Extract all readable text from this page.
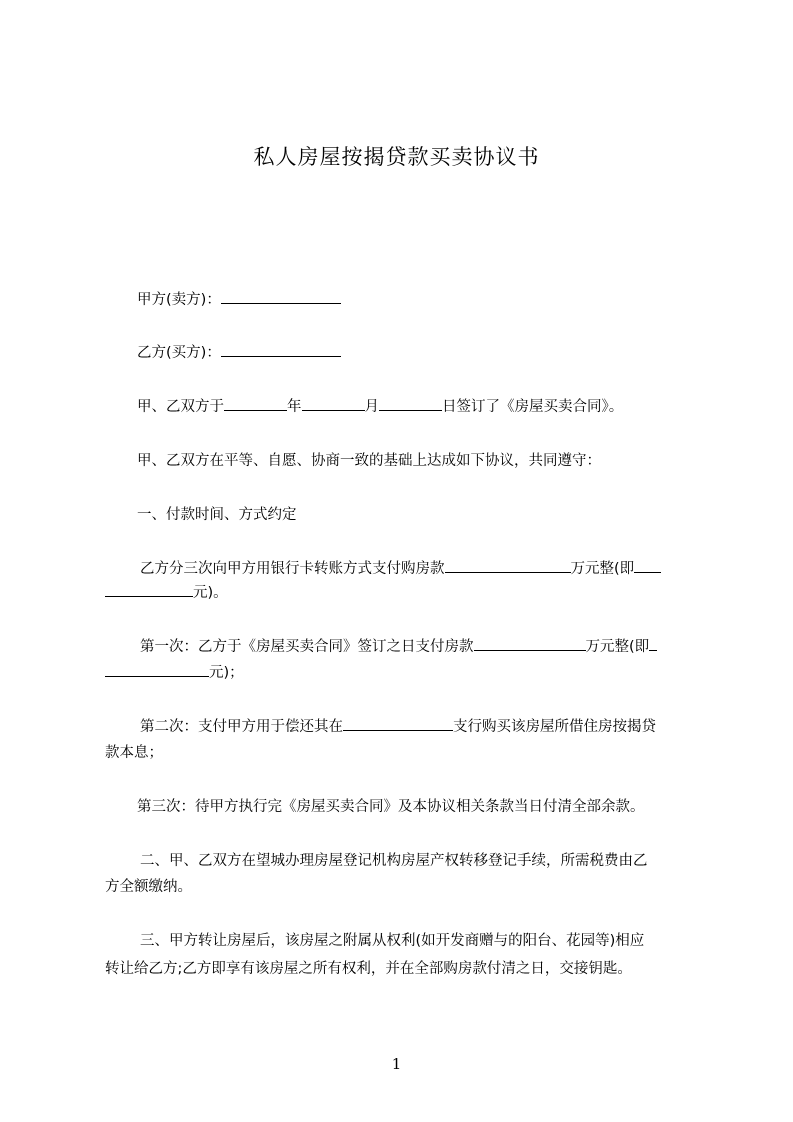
私人房屋按揭贷款买卖协议书
甲方(卖方)：
乙方(买方)：
甲、乙双方于	年	月	日签订了《房屋买卖合同》。
甲、乙双方在平等、自愿、协商一致的基础上达成如下协议，共同遵守：
一、付款时间、方式约定
乙方分三次向甲方用银行卡转账方式支付购房款	万元整(即
元)。
第一次：乙方于《房屋买卖合同》签订之日支付房款	万元整(即
元)；
第二次：支付甲方用于偿还其在	支行购买该房屋所借住房按揭贷
款本息；
第三次：待甲方执行完《房屋买卖合同》及本协议相关条款当日付清全部余款。
二、甲、乙双方在望城办理房屋登记机构房屋产权转移登记手续，所需税费由乙
方全额缴纳。
三、甲方转让房屋后，该房屋之附属从权利(如开发商赠与的阳台、花园等)相应
转让给乙方;乙方即享有该房屋之所有权利，并在全部购房款付清之日，交接钥匙。
1
